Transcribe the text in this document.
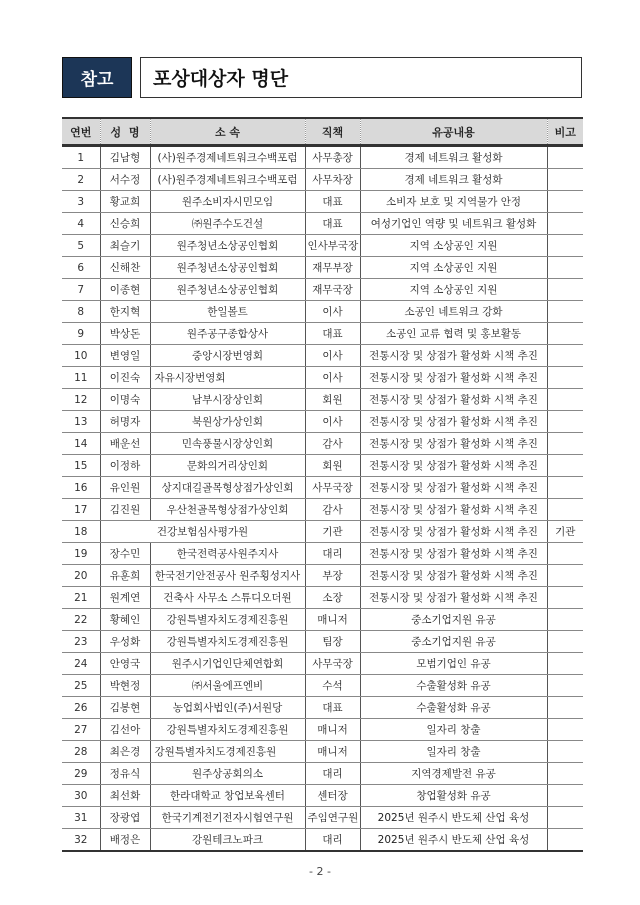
참고	포상대상자 명단
연번	성  명	소 속	직책	유공내용	비고
1	김남형	(사)원주경제네트워크수백포럼	사무총장	경제 네트워크 활성화	
2	서수정	(사)원주경제네트워크수백포럼	사무차장	경제 네트워크 활성화	
3	황교희	원주소비자시민모임	대표	소비자 보호 및 지역물가 안정	
4	신승희	㈜원주수도건설	대표	여성기업인 역량 및 네트워크 활성화	
5	최슬기	원주청년소상공인협회	인사부국장	지역 소상공인 지원	
6	신해찬	원주청년소상공인협회	재무부장	지역 소상공인 지원	
7	이종현	원주청년소상공인협회	재무국장	지역 소상공인 지원	
8	한지혁	한일볼트	이사	소공인 네트워크 강화	
9	박상돈	원주공구종합상사	대표	소공인 교류 협력 및 홍보활동	
10	변영일	중앙시장번영회	이사	전통시장 및 상점가 활성화 시책 추진	
11	이진숙	자유시장번영회	이사	전통시장 및 상점가 활성화 시책 추진	
12	이명숙	남부시장상인회	회원	전통시장 및 상점가 활성화 시책 추진	
13	허명자	북원상가상인회	이사	전통시장 및 상점가 활성화 시책 추진	
14	배운선	민속풍물시장상인회	감사	전통시장 및 상점가 활성화 시책 추진	
15	이정하	문화의거리상인회	회원	전통시장 및 상점가 활성화 시책 추진	
16	유인원	상지대길골목형상점가상인회	사무국장	전통시장 및 상점가 활성화 시책 추진	
17	김진원	우산천골목형상점가상인회	감사	전통시장 및 상점가 활성화 시책 추진	
18	건강보험심사평가원		기관	전통시장 및 상점가 활성화 시책 추진	기관
19	장수민	한국전력공사원주지사	대리	전통시장 및 상점가 활성화 시책 추진	
20	유훈희	한국전기안전공사 원주횡성지사	부장	전통시장 및 상점가 활성화 시책 추진	
21	원계연	건축사 사무소 스튜디오더원	소장	전통시장 및 상점가 활성화 시책 추진	
22	황혜인	강원특별자치도경제진흥원	매니저	중소기업지원 유공	
23	우성화	강원특별자치도경제진흥원	팀장	중소기업지원 유공	
24	안영국	원주시기업인단체연합회	사무국장	모범기업인 유공	
25	박현정	㈜서울에프엔비	수석	수출활성화 유공	
26	김봉현	농업회사법인(주)서원당	대표	수출활성화 유공	
27	김선아	강원특별자치도경제진흥원	매니저	일자리 창출	
28	최은경	강원특별자치도경제진흥원	매니저	일자리 창출	
29	정유식	원주상공회의소	대리	지역경제발전 유공	
30	최선화	한라대학교 창업보육센터	센터장	창업활성화 유공	
31	장광엽	한국기계전기전자시험연구원	주임연구원	2025년 원주시 반도체 산업 육성	
32	배정은	강원테크노파크	대리	2025년 원주시 반도체 산업 육성	
- 2 -
